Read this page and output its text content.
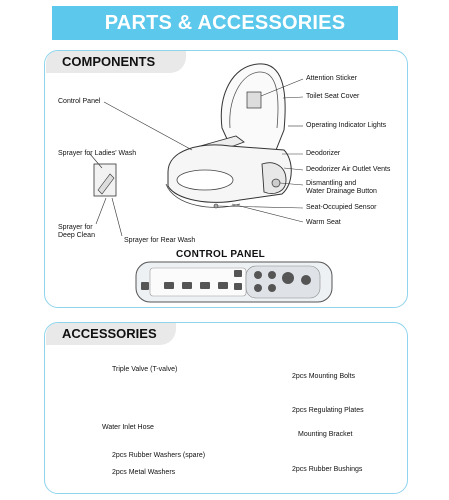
PARTS & ACCESSORIES
COMPONENTS
Attention Sticker
Toilet Seat Cover
Control Panel
Operating Indicator Lights
Sprayer for Ladies' Wash	Deodorizer
Deodorizer Air Outlet Vents
Dismantling and
Water Drainage Button
Seat-Occupied Sensor
Warm Seat
Sprayer for
Deep Clean
Sprayer for Rear Wash
CONTROL PANEL
ACCESSORIES
Triple Valve (T-valve)
2pcs Mounting Bolts
2pcs Regulating Plates
Water Inlet Hose
Mounting Bracket
2pcs Rubber Washers (spare)
2pcs Metal Washers	2pcs Rubber Bushings
